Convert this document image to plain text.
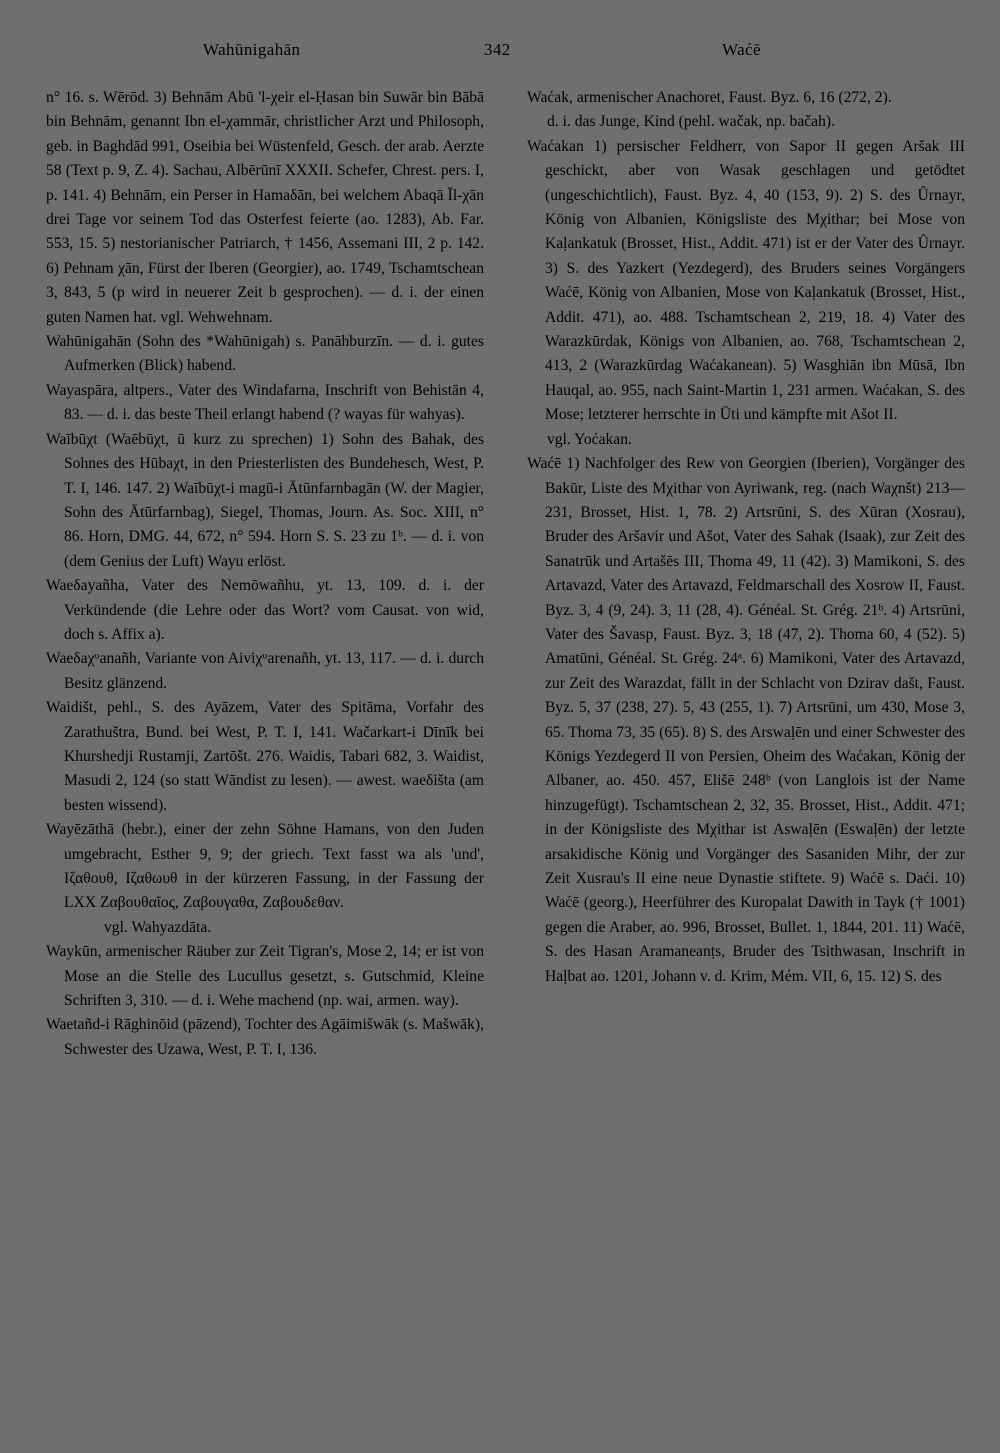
Wahūnigahān	342	Waćē

n° 16. s. Wērōd. 3) Behnām Abū 'l-χeir el-Ḥasan bin Suwār bin Bābā bin Behnām, genannt Ibn el-χammār, christlicher Arzt und Philosoph, geb. in Baghdād 991, Oseibia bei Wüstenfeld, Gesch. der arab. Aerzte 58 (Text p. 9, Z. 4). Sachau, Albērūnī XXXII. Schefer, Chrest. pers. I, p. 141. 4) Behnām, ein Perser in Hamaδān, bei welchem Abaqā Īl-χān drei Tage vor seinem Tod das Osterfest feierte (ao. 1283), Ab. Far. 553, 15. 5) nestorianischer Patriarch, † 1456, Assemani III, 2 p. 142. 6) Pehnam χān, Fürst der Iberen (Georgier), ao. 1749, Tschamtschean 3, 843, 5 (p wird in neuerer Zeit b gesprochen). — d. i. der einen guten Namen hat. vgl. Wehwehnam.

Wahūnigahān (Sohn des *Wahūnigah) s. Panāhburzīn. — d. i. gutes Aufmerken (Blick) habend.

Wayaspāra, altpers., Vater des Windafarna, Inschrift von Behistān 4, 83. — d. i. das beste Theil erlangt habend (? wayas für wahyas).

Waībūχt (Waēbūχt, ū kurz zu sprechen) 1) Sohn des Bahak, des Sohnes des Hūbaχt, in den Priesterlisten des Bundehesch, West, P. T. I, 146. 147. 2) Waībūχt-i magū-i Ātūnfarnbagān (W. der Magier, Sohn des Ātūrfarnbag), Siegel, Thomas, Journ. As. Soc. XIII, n° 86. Horn, DMG. 44, 672, n° 594. Horn S. S. 23 zu 1ᵇ. — d. i. von (dem Genius der Luft) Wayu erlöst.

Waeδayañha, Vater des Nemōwañhu, yt. 13, 109. d. i. der Verkündende (die Lehre oder das Wort? vom Causat. von wid, doch s. Affix a).

Waeδaχᵘanañh, Variante von Aiviχᵘarenañh, yt. 13, 117. — d. i. durch Besitz glänzend.

Waidišt, pehl., S. des Ayāzem, Vater des Spitāma, Vorfahr des Zarathuštra, Bund. bei West, P. T. I, 141. Wačarkart-i Dīnīk bei Khurshedji Rustamji, Zartōšt. 276. Waidis, Tabari 682, 3. Waidist, Masudi 2, 124 (so statt Wāndist zu lesen). — awest. waeδišta (am besten wissend).

Wayēzāthā (hebr.), einer der zehn Söhne Hamans, von den Juden umgebracht, Esther 9, 9; der griech. Text fasst wa als 'und', Ιζαθουθ, Ιζαθωυθ in der kürzeren Fassung, in der Fassung der LXX Ζαβουθαῖος, Ζαβουγαθα, Ζαβουδεθαν.

vgl. Wahyazdāta.

Waykūn, armenischer Räuber zur Zeit Tigran's, Mose 2, 14; er ist von Mose an die Stelle des Lucullus gesetzt, s. Gutschmid, Kleine Schriften 3, 310. — d. i. Wehe machend (np. wai, armen. way).

Waetañd-i Rāghinōid (pāzend), Tochter des Agāimišwāk (s. Mašwāk), Schwester des Uzawa, West, P. T. I, 136.

Waćak, armenischer Anachoret, Faust. Byz. 6, 16 (272, 2).

d. i. das Junge, Kind (pehl. wačak, np. bačah).

Waćakan 1) persischer Feldherr, von Sapor II gegen Aršak III geschickt, aber von Wasak geschlagen und getödtet (ungeschichtlich), Faust. Byz. 4, 40 (153, 9). 2) S. des Ûrnayr, König von Albanien, Königsliste des Mχithar; bei Mose von Kaḷankatuk (Brosset, Hist., Addit. 471) ist er der Vater des Ûrnayr. 3) S. des Yazkert (Yezdegerd), des Bruders seines Vorgängers Waćē, König von Albanien, Mose von Kaḷankatuk (Brosset, Hist., Addit. 471), ao. 488. Tschamtschean 2, 219, 18. 4) Vater des Warazkūrdak, Königs von Albanien, ao. 768, Tschamtschean 2, 413, 2 (Warazkūrdag Waćakanean). 5) Wasghiān ibn Mūsā, Ibn Hauqal, ao. 955, nach Saint-Martin 1, 231 armen. Waćakan, S. des Mose; letzterer herrschte in Ūti und kämpfte mit Ašot II.

vgl. Yoćakan.

Waćē 1) Nachfolger des Rew von Georgien (Iberien), Vorgänger des Bakūr, Liste des Mχithar von Ayriwank, reg. (nach Waχnšt) 213—231, Brosset, Hist. 1, 78. 2) Artsrūni, S. des Xūran (Xosrau), Bruder des Aršavir und Ašot, Vater des Sahak (Isaak), zur Zeit des Sanatrūk und Artašēs III, Thoma 49, 11 (42). 3) Mamikoni, S. des Artavazd, Vater des Artavazd, Feldmarschall des Xosrow II, Faust. Byz. 3, 4 (9, 24). 3, 11 (28, 4). Généal. St. Grég. 21ᵇ. 4) Artsrūni, Vater des Šavasp, Faust. Byz. 3, 18 (47, 2). Thoma 60, 4 (52). 5) Amatūni, Généal. St. Grég. 24ᵃ. 6) Mamikoni, Vater des Artavazd, zur Zeit des Warazdat, fällt in der Schlacht von Dzirav dašt, Faust. Byz. 5, 37 (238, 27). 5, 43 (255, 1). 7) Artsrūni, um 430, Mose 3, 65. Thoma 73, 35 (65). 8) S. des Arswaḷēn und einer Schwester des Königs Yezdegerd II von Persien, Oheim des Waćakan, König der Albaner, ao. 450. 457, Elišē 248ᵇ (von Langlois ist der Name hinzugefügt). Tschamtschean 2, 32, 35. Brosset, Hist., Addit. 471; in der Königsliste des Mχithar ist Aswaḷēn (Eswaḷēn) der letzte arsakidische König und Vorgänger des Sasaniden Mihr, der zur Zeit Xusrau's II eine neue Dynastie stiftete. 9) Waćē s. Daći. 10) Waćē (georg.), Heerführer des Kuropalat Dawith in Tayk († 1001) gegen die Araber, ao. 996, Brosset, Bullet. 1, 1844, 201. 11) Waćē, S. des Hasan Aramaneanṭs, Bruder des Tsithwasan, Inschrift in Haḷbat ao. 1201, Johann v. d. Krim, Mém. VII, 6, 15. 12) S. des
